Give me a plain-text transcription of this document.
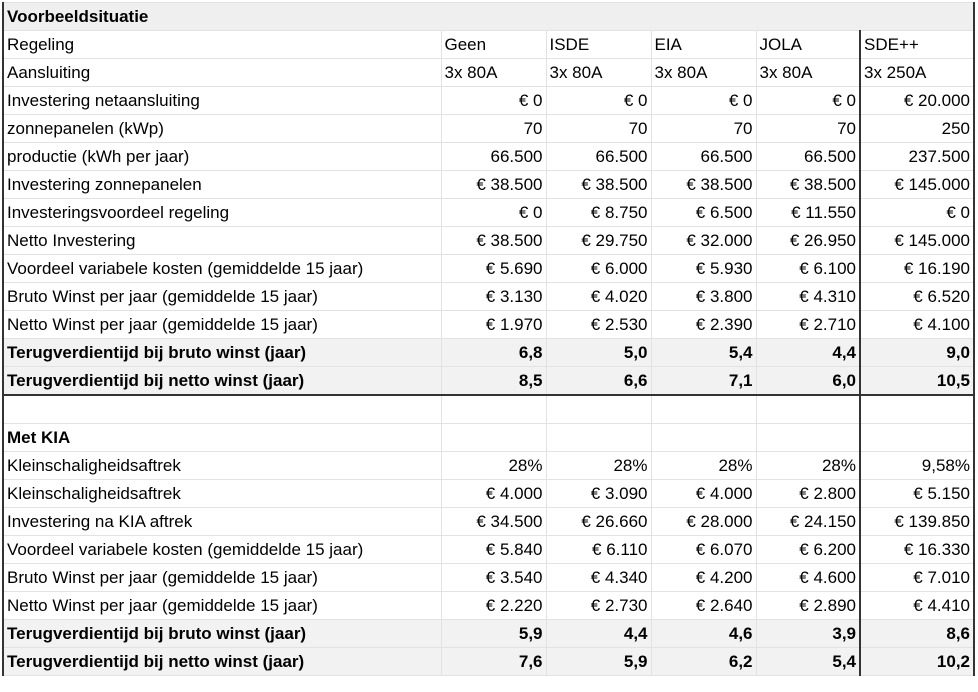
Voorbeeldsituatie					
Regeling	Geen	ISDE	EIA	JOLA	SDE++
Aansluiting	3x 80A	3x 80A	3x 80A	3x 80A	3x 250A
Investering netaansluiting	€ 0	€ 0	€ 0	€ 0	€ 20.000
zonnepanelen (kWp)	70	70	70	70	250
productie (kWh per jaar)	66.500	66.500	66.500	66.500	237.500
Investering zonnepanelen	€ 38.500	€ 38.500	€ 38.500	€ 38.500	€ 145.000
Investeringsvoordeel regeling	€ 0	€ 8.750	€ 6.500	€ 11.550	€ 0
Netto Investering	€ 38.500	€ 29.750	€ 32.000	€ 26.950	€ 145.000
Voordeel variabele kosten (gemiddelde 15 jaar)	€ 5.690	€ 6.000	€ 5.930	€ 6.100	€ 16.190
Bruto Winst per jaar (gemiddelde 15 jaar)	€ 3.130	€ 4.020	€ 3.800	€ 4.310	€ 6.520
Netto Winst per jaar (gemiddelde 15 jaar)	€ 1.970	€ 2.530	€ 2.390	€ 2.710	€ 4.100
Terugverdientijd bij bruto winst (jaar)	6,8	5,0	5,4	4,4	9,0
Terugverdientijd bij netto winst (jaar)	8,5	6,6	7,1	6,0	10,5

Met KIA					
Kleinschaligheidsaftrek	28%	28%	28%	28%	9,58%
Kleinschaligheidsaftrek	€ 4.000	€ 3.090	€ 4.000	€ 2.800	€ 5.150
Investering na KIA aftrek	€ 34.500	€ 26.660	€ 28.000	€ 24.150	€ 139.850
Voordeel variabele kosten (gemiddelde 15 jaar)	€ 5.840	€ 6.110	€ 6.070	€ 6.200	€ 16.330
Bruto Winst per jaar (gemiddelde 15 jaar)	€ 3.540	€ 4.340	€ 4.200	€ 4.600	€ 7.010
Netto Winst per jaar (gemiddelde 15 jaar)	€ 2.220	€ 2.730	€ 2.640	€ 2.890	€ 4.410
Terugverdientijd bij bruto winst (jaar)	5,9	4,4	4,6	3,9	8,6
Terugverdientijd bij netto winst (jaar)	7,6	5,9	6,2	5,4	10,2
